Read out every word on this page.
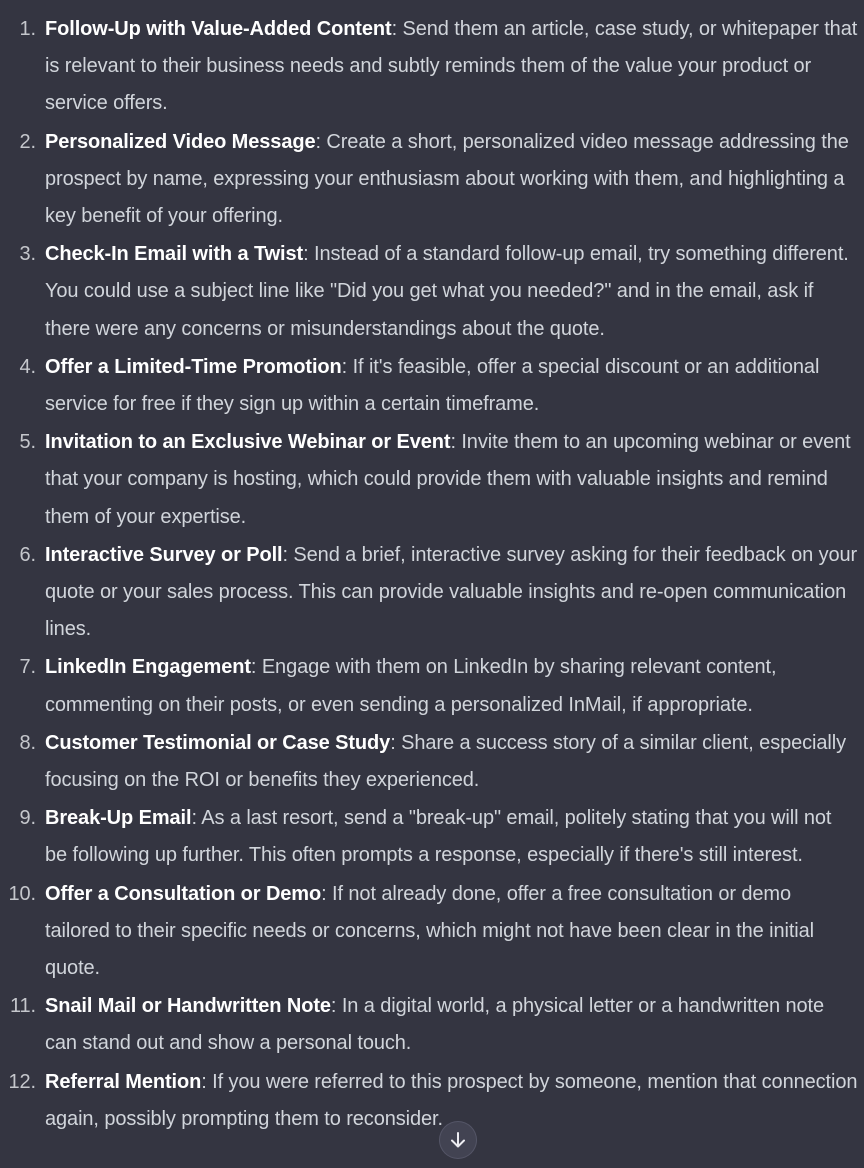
1. Follow-Up with Value-Added Content: Send them an article, case study, or whitepaper that is relevant to their business needs and subtly reminds them of the value your product or service offers.
2. Personalized Video Message: Create a short, personalized video message addressing the prospect by name, expressing your enthusiasm about working with them, and highlighting a key benefit of your offering.
3. Check-In Email with a Twist: Instead of a standard follow-up email, try something different. You could use a subject line like "Did you get what you needed?" and in the email, ask if there were any concerns or misunderstandings about the quote.
4. Offer a Limited-Time Promotion: If it's feasible, offer a special discount or an additional service for free if they sign up within a certain timeframe.
5. Invitation to an Exclusive Webinar or Event: Invite them to an upcoming webinar or event that your company is hosting, which could provide them with valuable insights and remind them of your expertise.
6. Interactive Survey or Poll: Send a brief, interactive survey asking for their feedback on your quote or your sales process. This can provide valuable insights and re-open communication lines.
7. LinkedIn Engagement: Engage with them on LinkedIn by sharing relevant content, commenting on their posts, or even sending a personalized InMail, if appropriate.
8. Customer Testimonial or Case Study: Share a success story of a similar client, especially focusing on the ROI or benefits they experienced.
9. Break-Up Email: As a last resort, send a "break-up" email, politely stating that you will not be following up further. This often prompts a response, especially if there's still interest.
10. Offer a Consultation or Demo: If not already done, offer a free consultation or demo tailored to their specific needs or concerns, which might not have been clear in the initial quote.
11. Snail Mail or Handwritten Note: In a digital world, a physical letter or a handwritten note can stand out and show a personal touch.
12. Referral Mention: If you were referred to this prospect by someone, mention that connection again, possibly prompting them to reconsider.
